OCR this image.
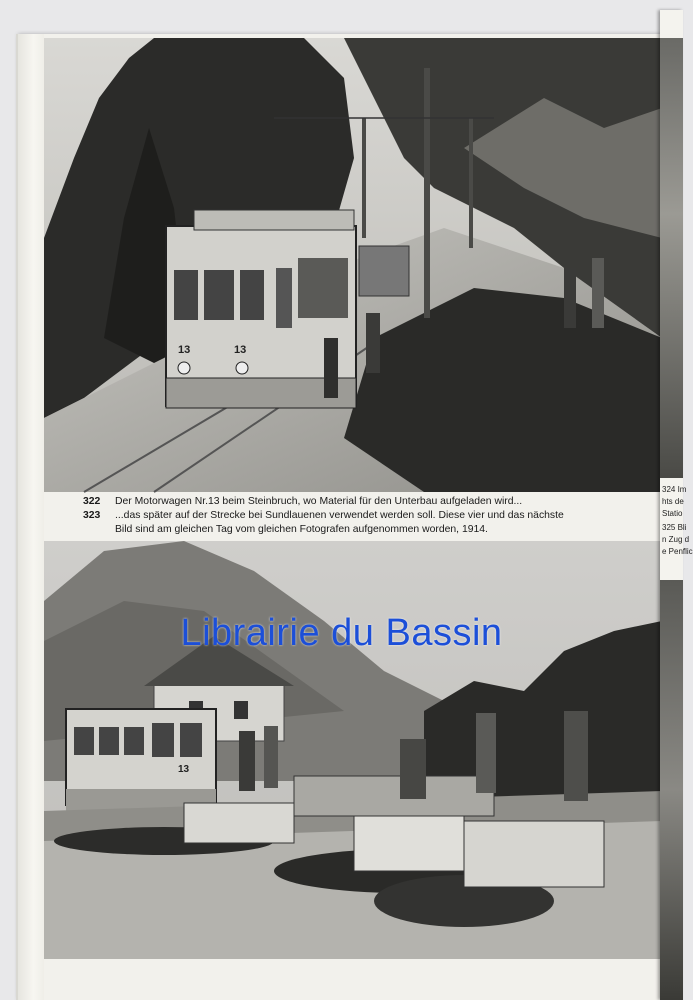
13	13
322	Der Motorwagen Nr.13 beim Steinbruch, wo Material für den Unterbau aufgeladen wird...
323	...das später auf der Strecke bei Sundlauenen verwendet werden soll. Diese vier und das nächste
Bild sind am gleichen Tag vom gleichen Fotografen aufgenommen worden, 1914.
13
324 Im
hts de
Statio
325 Bli
n Zug d
e Penflic
Librairie du Bassin
